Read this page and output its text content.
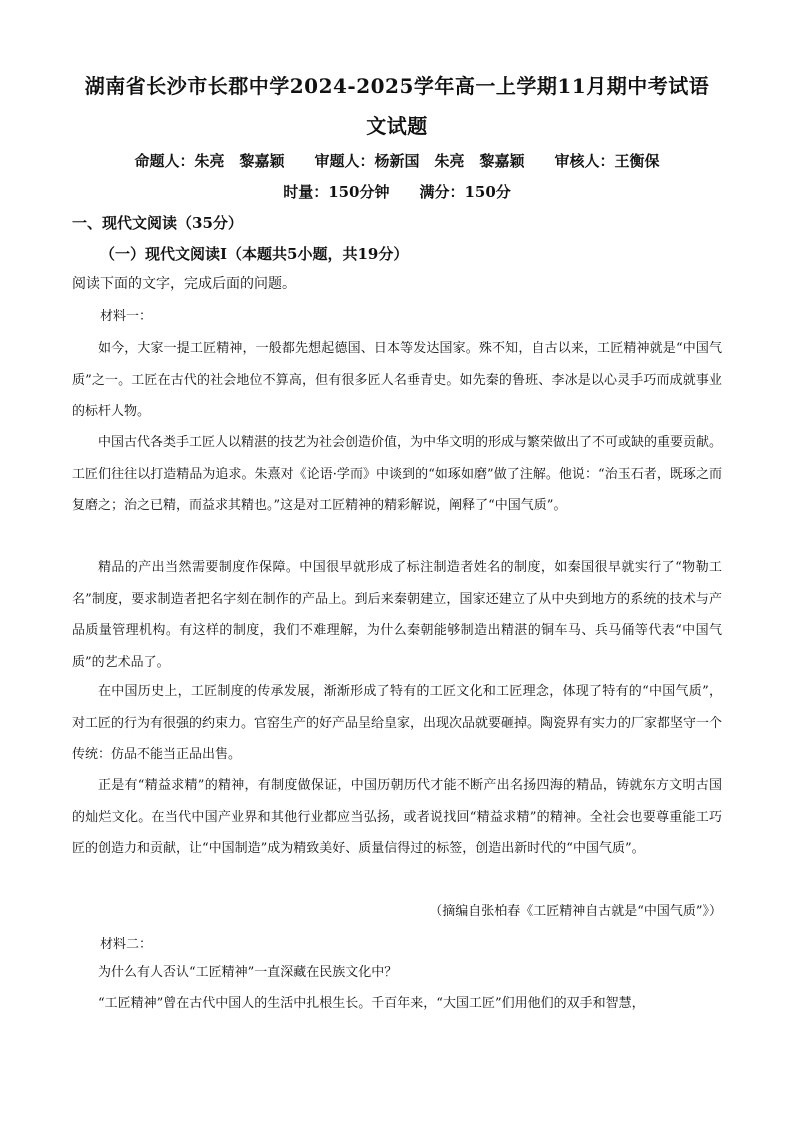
湖南省长沙市长郡中学2024-2025学年高一上学期11月期中考试语
文试题
命题人：朱亮　黎嘉颖　　审题人：杨新国　朱亮　黎嘉颖　　审核人：王衡保
时量：150分钟　　满分：150分
一、现代文阅读（35分）
（一）现代文阅读Ⅰ（本题共5小题，共19分）
阅读下面的文字，完成后面的问题。
材料一：
如今，大家一提工匠精神，一般都先想起德国、日本等发达国家。殊不知，自古以来，工匠精神就是“中国气质”之一。工匠在古代的社会地位不算高，但有很多匠人名垂青史。如先秦的鲁班、李冰是以心灵手巧而成就事业的标杆人物。
中国古代各类手工匠人以精湛的技艺为社会创造价值，为中华文明的形成与繁荣做出了不可或缺的重要贡献。工匠们往往以打造精品为追求。朱熹对《论语·学而》中谈到的“如琢如磨”做了注解。他说：“治玉石者，既琢之而复磨之；治之已精，而益求其精也。”这是对工匠精神的精彩解说，阐释了“中国气质”。
精品的产出当然需要制度作保障。中国很早就形成了标注制造者姓名的制度，如秦国很早就实行了“物勒工名”制度，要求制造者把名字刻在制作的产品上。到后来秦朝建立，国家还建立了从中央到地方的系统的技术与产品质量管理机构。有这样的制度，我们不难理解，为什么秦朝能够制造出精湛的铜车马、兵马俑等代表“中国气质”的艺术品了。
在中国历史上，工匠制度的传承发展，渐渐形成了特有的工匠文化和工匠理念，体现了特有的“中国气质”，对工匠的行为有很强的约束力。官窑生产的好产品呈给皇家，出现次品就要砸掉。陶瓷界有实力的厂家都坚守一个传统：仿品不能当正品出售。
正是有“精益求精”的精神，有制度做保证，中国历朝历代才能不断产出名扬四海的精品，铸就东方文明古国的灿烂文化。在当代中国产业界和其他行业都应当弘扬，或者说找回“精益求精”的精神。全社会也要尊重能工巧匠的创造力和贡献，让“中国制造”成为精致美好、质量信得过的标签，创造出新时代的“中国气质”。
（摘编自张柏春《工匠精神自古就是“中国气质”》）
材料二：
为什么有人否认“工匠精神”一直深藏在民族文化中？
“工匠精神”曾在古代中国人的生活中扎根生长。千百年来，“大国工匠”们用他们的双手和智慧，
